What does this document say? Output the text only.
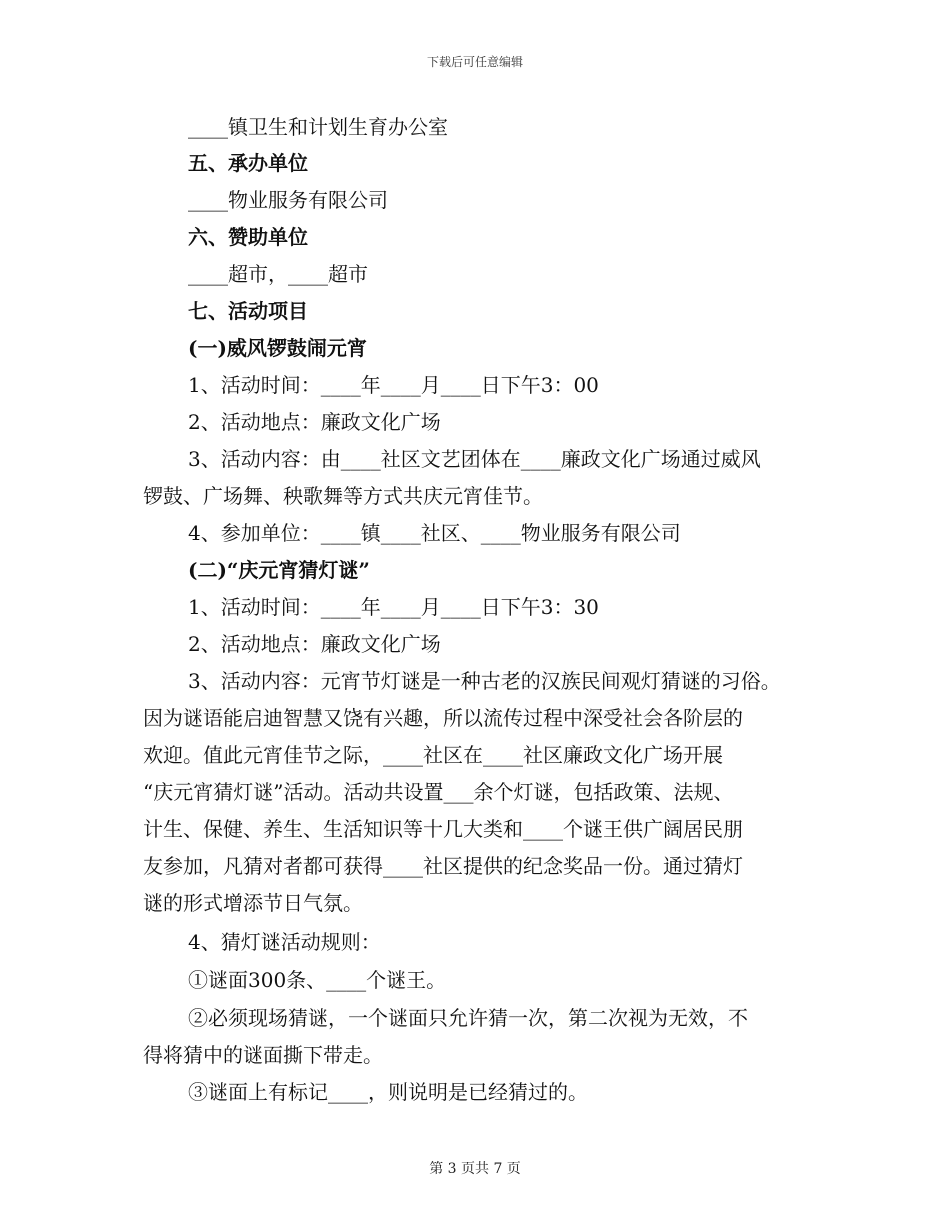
下载后可任意编辑
____镇卫生和计划生育办公室
五、承办单位
____物业服务有限公司
六、赞助单位
____超市，____超市
七、活动项目
(一)威风锣鼓闹元宵
1、活动时间：____年____月____日下午3：00
2、活动地点：廉政文化广场
3、活动内容：由____社区文艺团体在____廉政文化广场通过威风
锣鼓、广场舞、秧歌舞等方式共庆元宵佳节。
4、参加单位：____镇____社区、____物业服务有限公司
(二)“庆元宵猜灯谜”
1、活动时间：____年____月____日下午3：30
2、活动地点：廉政文化广场
3、活动内容：元宵节灯谜是一种古老的汉族民间观灯猜谜的习俗。
因为谜语能启迪智慧又饶有兴趣，所以流传过程中深受社会各阶层的
欢迎。值此元宵佳节之际，____社区在____社区廉政文化广场开展
“庆元宵猜灯谜”活动。活动共设置___余个灯谜，包括政策、法规、
计生、保健、养生、生活知识等十几大类和____个谜王供广阔居民朋
友参加，凡猜对者都可获得____社区提供的纪念奖品一份。通过猜灯
谜的形式增添节日气氛。
4、猜灯谜活动规则：
①谜面300条、____个谜王。
②必须现场猜谜，一个谜面只允许猜一次，第二次视为无效，不
得将猜中的谜面撕下带走。
③谜面上有标记____，则说明是已经猜过的。
第 3 页共 7 页
